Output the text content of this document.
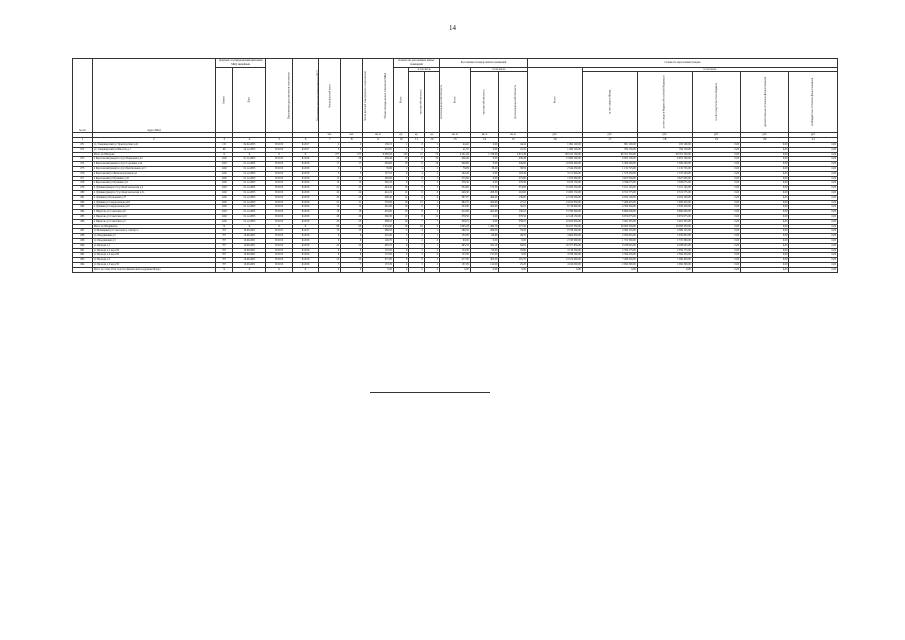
14
№ п/п	Адрес МКД	Документ, подтверждающий признание МКД аварийным		Планируемая дата окончания переселения	Планируемая дата сноса/реконструкции МКД	Число жителей всего	Число жителей планируемых к переселению	Общая площадь жилых помещений МКД	Количество расселяемых жилых помещений			Расселяемая площадь жилых помещений			Стоимость переселения граждан					
		Номер	Дата						Всего	в том числе		Всего	в том числе		Всего	в том числе				
										частная собственность	муниципальная собственность		частная собственность	муниципальная собственность		за счет средств Фонда	за счет средств бюджета Российской Федерации	за счет средств местного бюджета	дополнительные источники финансирования	внебюджетные источники финансирования
						чел.	чел.	кв. м	ед.	ед.	ед.	кв. м	кв. м	кв. м	руб.	руб.	руб.	руб.	руб.	руб.
1	2	3	4	5	6	7	8	9	10	11	12	13	14	15	16	17	18	19	20	21
671	ул. Товарищеский ул Транспортная д.24	131	04.02.2003	IV.2015	II.2017	2	2	150,15	1	0	1	44,42	0,00	44,42	1 064 100,00	881 100,00	183 100,00	0,00	0,00	0,00
672	ул. Товарищеский ул Школ.№ д.1	96	24.12.2003	IV.2015	II.2017	3	3	452,65	1	0	1	41,35	0,00	41,35	1 469 100,00	784 150,00	784 150,00	0,00	0,00	0,00
	Итого по Шатрове:	X	X	X	X	277	277	6 095,03	125	12	73	4 541,49	1 728,00	2 813,49	139 522 700,00	69 761 350,00	69 761 350,00	0,00	0,00	0,00
673	п Березовский (квартал 4) ул Парковый д.22	1162	01.12.2003	IV.2015	II.2016	26	26	436,46	10	0	10	436,46	0,00	436,46	13 960 200,00	6 953 100,00	6 953 100,00	0,00	0,00	0,00
674	п Березовский (квартал 4) ул Сорокина д.24	1162	01.12.2003	IV.2015	II.2016	17	17	346,60	16	0	16	346,60	0,00	346,60	10 659 400,00	5 309 200,00	5 309 200,00	0,00	0,00	0,00
675	п Березовский (квартал 4) ул Центральная д.13	1162	01.12.2003	IV.2015	II.2016	5	5	76,99	2	1	1	76,99	38,40	38,59	2 542 450,00	1 132 725,00	1 132 725,00	0,00	0,00	0,00
676	п Березовский ул Железнодорожная д.1	1162	01.12.2003	IV.2015	II.2016	5	5	127,16	6	4	2	102,49	0,00	102,49	3 151 900,00	1 570 450,00	1 570 450,00	0,00	0,00	0,00
677	п Березовский ул Пушкина д.10	1162	01.12.2003	IV.2015	II.2016	11	11	265,60	7	0	7	275,60	0,00	275,60	7 255 900,00	3 627 950,00	3 627 950,00	0,00	0,00	0,00
678	п Березовский ул Пушкина д.8	1162	01.12.2003	IV.2015	II.2016	13	13	302,23	6	1	5	276,36	0,00	276,36	6 678 150,00	3 339 075,00	3 339 075,00	0,00	0,00	0,00
679	п Дубники (квартал 5) ул Комсомольская д.2	1162	01.12.2003	IV.2015	II.2016	21	21	443,45	16	5	5	354,99	172,50	374,08	10 203 250,00	5 101 125,00	5 101 125,00	0,00	0,00	0,00
680	п Дубники (квартал 5) ул Комсомольская д.3а	1162	01.12.2003	IV.2015	II.2016	24	24	441,16	12	6	6	426,30	208,30	219,60	13 063 150,00	6 531 575,00	6 531 575,00	0,00	0,00	0,00
681	п Дубники ул Кольцевая д.37	1162	01.12.2003	IV.2015	II.2016	23	23	406,40	12	6	6	397,07	266,40	136,60	12 108 200,00	6 054 100,00	6 054 100,00	0,00	0,00	0,00
682	п Дубники ул Свердловская д.63	1162	01.12.2003	IV.2015	II.2016	21	21	570,00	16	15	1	482,70	454,60	27,10	14 812 850,00	7 406 425,00	7 406 425,00	0,00	0,00	0,00
683	п Дубники ул Свердловская д.97	1162	01.12.2003	IV.2015	II.2016	14	14	261,00	10	8	2	253,00	202,90	50,10	8 718 900,00	4 359 450,00	4 359 450,00	0,00	0,00	0,00
684	п Пирогово ул Советская д.8	1162	01.12.2003	IV.2015	II.2016	16	16	433,00	10	6	4	412,00	261,90	150,10	13 780 000,00	6 890 000,00	6 890 000,00	0,00	0,00	0,00
685	п Пирогово ул Советская д.10	1162	01.12.2003	IV.2015	II.2016	20	20	360,30	10	8	12	378,50	0,00	378,50	12 148 150,00	6 074 075,00	6 074 075,00	0,00	0,00	0,00
686	п Пирогово ул Советская д.3	1162	01.12.2003	IV.2015	II.2016	23	23	388,10	16	7	7	358,10	0,00	358,10	10 922 650,00	5 461 325,00	5 461 325,00	0,00	0,00	0,00
	Итого по Шадринску:	X	X	X	X	90	90	1 934,90	16	29	9	1 645,28	1 464,79	577,50	56 187 350,00	28 093 350,00	28 093 350,00	0,00	0,00	0,00
687	ул Машинный ул Советская д.1 литера а	707	10.09.2001	IV.2017	II.2017	13	13	286,50	3	4	1	286,50	208,30	78,20	8 758 200,00	4 369 125,00	4 369 125,00	0,00	0,00	0,00
688	ул Объединения д.5	707	10.09.2001	IV.2015	II.2016	9	9	201,00	3	2	1	135,00	84,60	48,70	4 604 650,00	2 032 825,00	2 032 825,00	0,00	0,00	0,00
689	ул Объединения д.5	707	10.09.2001	IV.2015	II.2016	6	6	126,70	2	2	0	90,00	0,00	0,00	2 743 000,00	1 372 300,00	1 372 300,00	0,00	0,00	0,00
690	ул Прохода д.1	707	10.09.2001	IV.2015	II.2016	22	22	465,70	8	7	1	495,32	341,19	84,02	16 377 850,00	8 188 925,00	8 188 925,00	0,00	0,00	0,00
691	ул Прохода д.1 кор.2/II	707	10.09.2001	IV.2015	II.2016	9	9	155,50	6	2	2	154,30	93,60	76,90	4 718 350,00	2 359 175,00	2 359 175,00	0,00	0,00	0,00
692	ул Прохода д.2 кор.2/II	707	10.09.2001	IV.2015	II.2016	6	6	157,00	3	3	0	157,00	157,00	0,00	4 768 500,00	2 384 250,00	2 384 250,00	0,00	0,00	0,00
693	ул Прохода д.3	707	10.09.2001	IV.2015	II.2016	22	22	477,00	9	6	3	477,00	365,00	101,70	14 572 900,00	7 286 450,00	7 286 450,00	0,00	0,00	0,00
694	ул Прохода д.3 кор.2/II	707	10.09.2001	IV.2015	II.2016	7	7	137,29	4	3	1	137,29	112,00	25,20	4 184 000,00	2 092 300,00	2 092 300,00	0,00	0,00	0,00
	Итого по этапу 2014 года без финансовой поддержки Фонда	X	X	X	X	0	0	0,00	0	0	0	0,00	0,00	0,00	0,00	0,00	0,00	0,00	0,00	0,00
